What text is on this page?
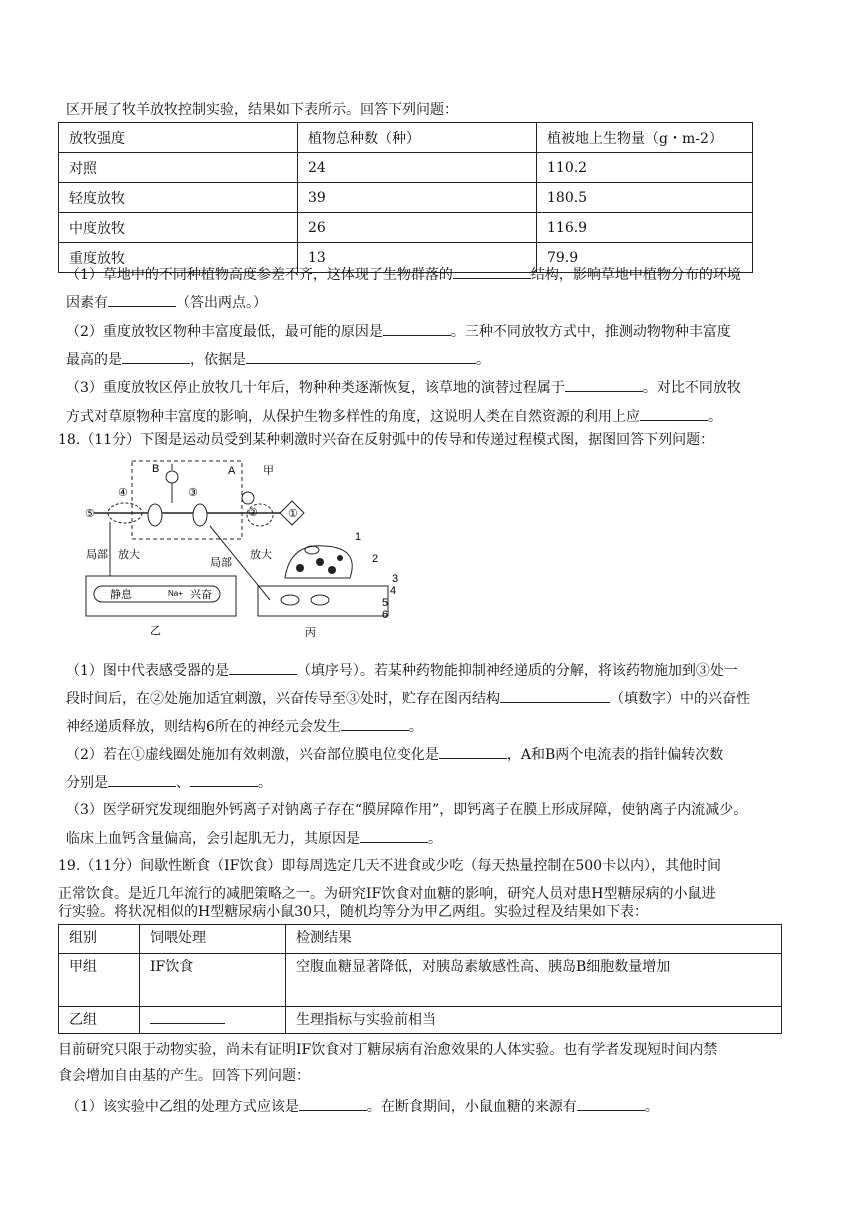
区开展了牧羊放牧控制实验，结果如下表所示。回答下列问题：
放牧强度	植物总种数（种）	植被地上生物量（g・m-2）
对照	24	110.2
轻度放牧	39	180.5
中度放牧	26	116.9
重度放牧	13	79.9
（1）草地中的不同种植物高度参差不齐，这体现了生物群落的	结构，影响草地中植物分布的环境
因素有	（答出两点。）
（2）重度放牧区物种丰富度最低，最可能的原因是	。三种不同放牧方式中，推测动物物种丰富度
最高的是	，依据是	。
（3）重度放牧区停止放牧几十年后，物种种类逐渐恢复，该草地的演替过程属于	。对比不同放牧
方式对草原物种丰富度的影响，从保护生物多样性的角度，这说明人类在自然资源的利用上应	。
18.（11分）下图是运动员受到某种刺激时兴奋在反射弧中的传导和传递过程模式图，据图回答下列问题：
①
⑤
④	③
②
B	A	甲
局部 放大
局部
放大
静息	Na+ 兴奋
乙
1
2
3
4
5
6
丙
（1）图中代表感受器的是	（填序号）。若某种药物能抑制神经递质的分解，将该药物施加到③处一
段时间后，在②处施加适宜刺激，兴奋传导至③处时，贮存在图丙结构	（填数字）中的兴奋性
神经递质释放，则结构6所在的神经元会发生	。
（2）若在①虚线圈处施加有效刺激，兴奋部位膜电位变化是	，A和B两个电流表的指针偏转次数
分别是	、	。
（3）医学研究发现细胞外钙离子对钠离子存在“膜屏障作用”，即钙离子在膜上形成屏障，使钠离子内流减少。
临床上血钙含量偏高，会引起肌无力，其原因是	。
19.（11分）间歇性断食（IF饮食）即每周选定几天不进食或少吃（每天热量控制在500卡以内），其他时间
正常饮食。是近几年流行的减肥策略之一。为研究IF饮食对血糖的影响，研究人员对患H型糖尿病的小鼠进
行实验。将状况相似的H型糖尿病小鼠30只，随机均等分为甲乙两组。实验过程及结果如下表：
组别	饲喂处理	检测结果
甲组	IF饮食	空腹血糖显著降低，对胰岛素敏感性高、胰岛B细胞数量增加
乙组		生理指标与实验前相当
目前研究只限于动物实验，尚未有证明IF饮食对丁糖尿病有治愈效果的人体实验。也有学者发现短时间内禁
食会增加自由基的产生。回答下列问题：
（1）该实验中乙组的处理方式应该是	。在断食期间，小鼠血糖的来源有	。
